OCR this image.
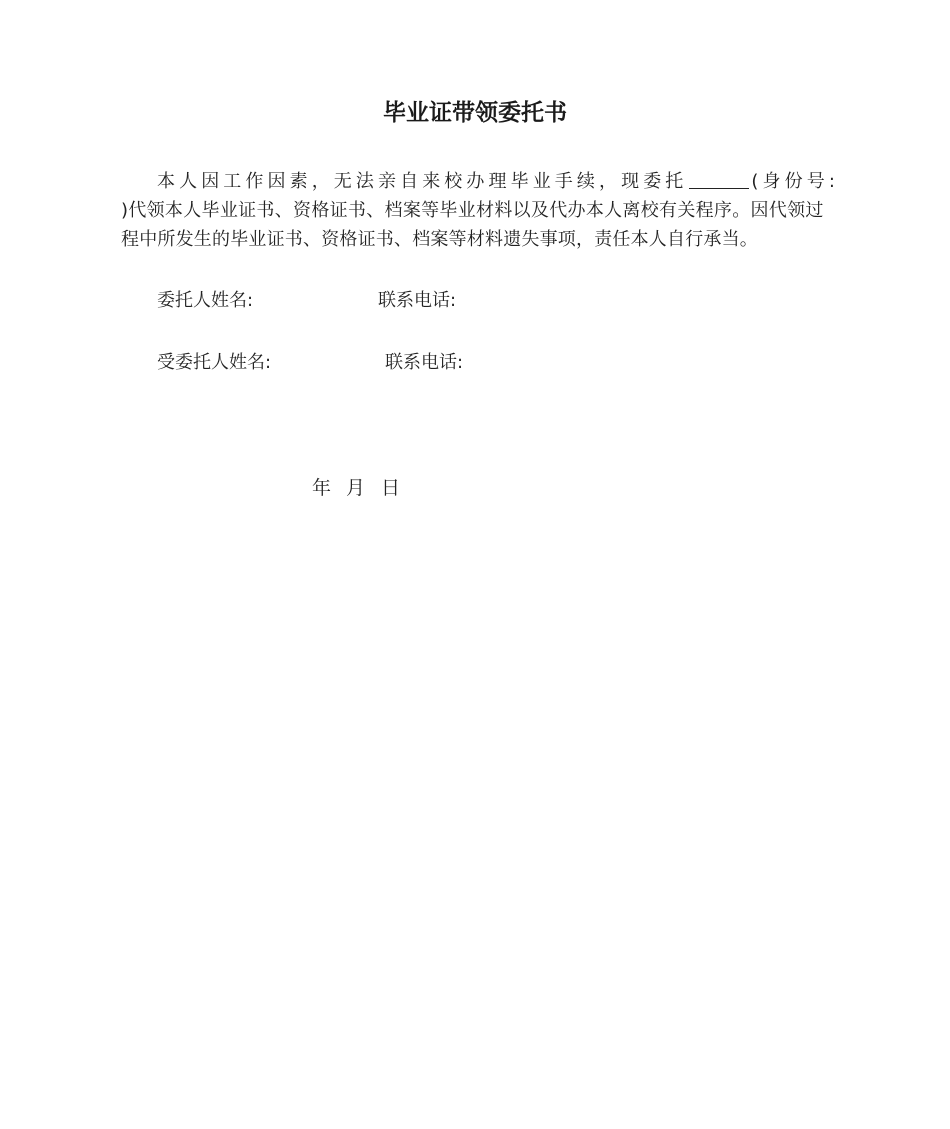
毕业证带领委托书
本人因工作因素，无法亲自来校办理毕业手续，现委托	(身份号:
)代领本人毕业证书、资格证书、档案等毕业材料以及代办本人离校有关程序。因代领过
程中所发生的毕业证书、资格证书、档案等材料遗失事项，责任本人自行承当。
委托人姓名:	联系电话:
受委托人姓名:	联系电话:
年 月 日
